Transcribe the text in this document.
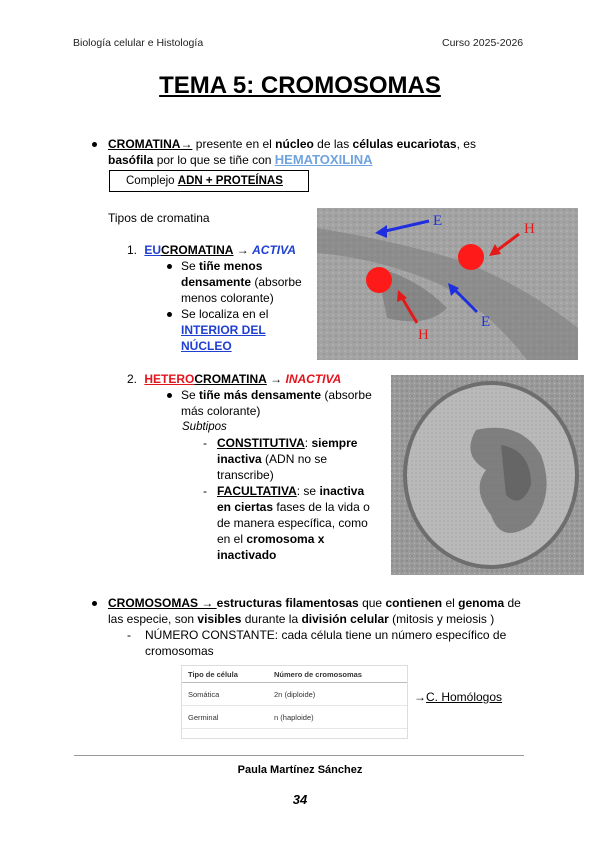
Biología celular e Histología	Curso 2025-2026
TEMA 5: CROMOSOMAS
CROMATINA→ presente en el núcleo de las células eucariotas, es
basófila por lo que se tiñe con HEMATOXILINA
Complejo ADN + PROTEÍNAS
Tipos de cromatina
1. EUCROMATINA → ACTIVA
Se tiñe menos densamente (absorbe menos colorante)
Se localiza en el INTERIOR DEL NÚCLEO
E	H
H
E
2. HETEROCROMATINA → INACTIVA
Se tiñe más densamente (absorbe más colorante)
Subtipos
- CONSTITUTIVA: siempre inactiva (ADN no se transcribe)
- FACULTATIVA: se inactiva en ciertas fases de la vida o de manera específica, como en el cromosoma x inactivado
CROMOSOMAS → estructuras filamentosas que contienen el genoma de las especie, son visibles durante la división celular (mitosis y meiosis )
- NÚMERO CONSTANTE: cada célula tiene un número específico de cromosomas
Tipo de célula	Número de cromosomas
Somática	2n (diploide)
Germinal	n (haploide)
→C. Homólogos
Paula Martínez Sánchez
34
